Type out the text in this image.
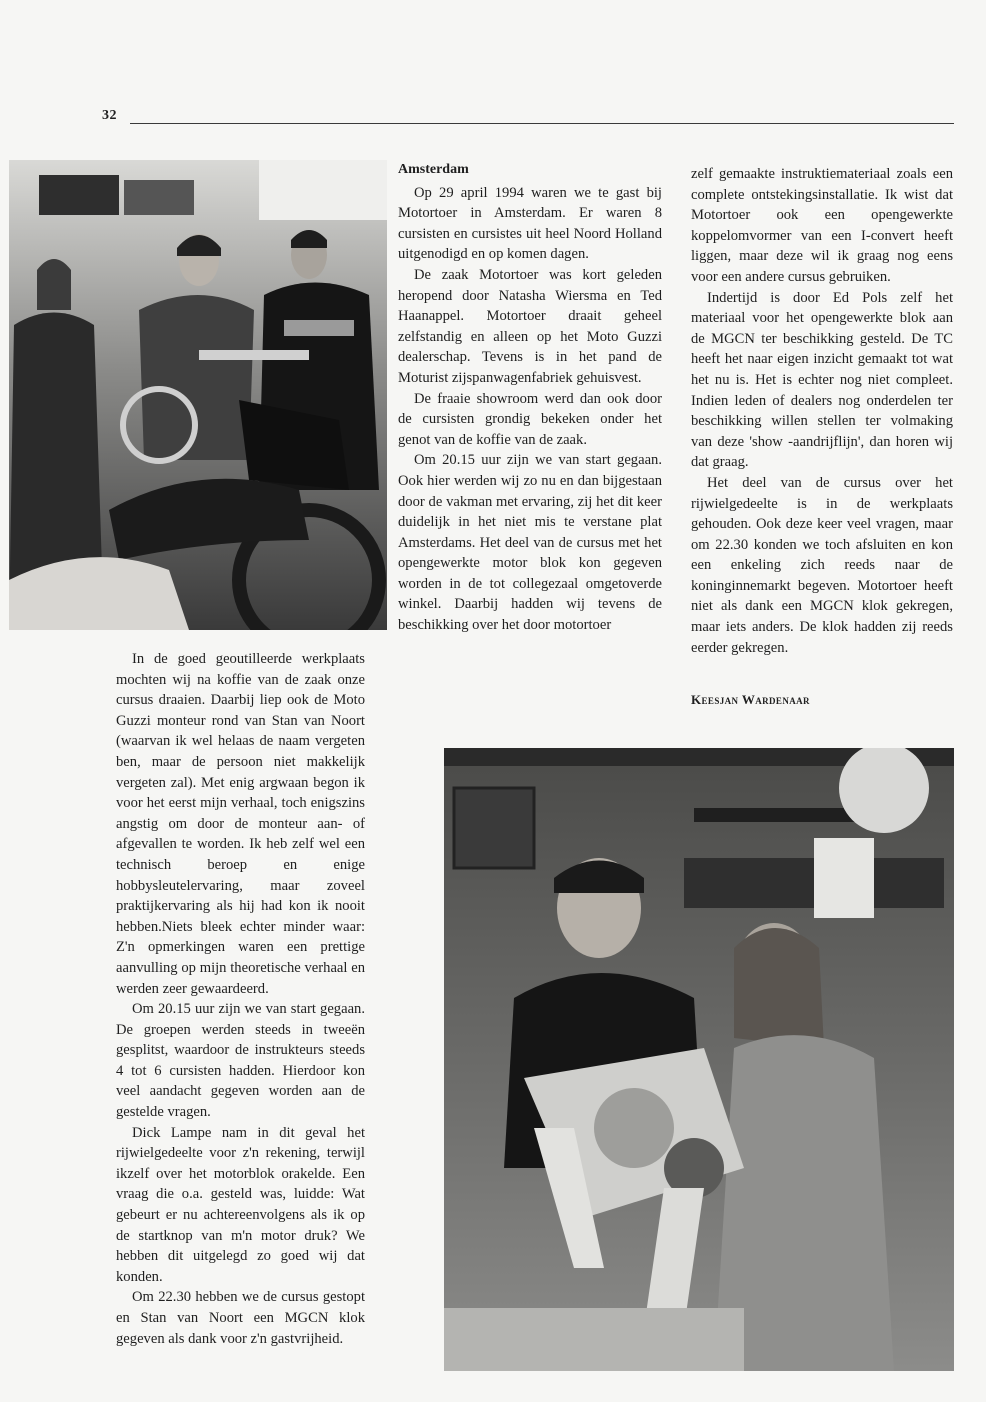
32

In de goed geoutilleerde werkplaats mochten wij na koffie van de zaak onze cursus draaien. Daarbij liep ook de Moto Guzzi monteur rond van Stan van Noort (waarvan ik wel helaas de naam vergeten ben, maar de persoon niet makkelijk vergeten zal). Met enig argwaan begon ik voor het eerst mijn verhaal, toch enigszins angstig om door de monteur aan- of afgevallen te worden. Ik heb zelf wel een technisch beroep en enige hobbysleutelervaring, maar zoveel praktijkervaring als hij had kon ik nooit hebben.Niets bleek echter minder waar: Z'n opmerkingen waren een prettige aanvulling op mijn theoretische verhaal en werden zeer gewaardeerd.

Om 20.15 uur zijn we van start gegaan. De groepen werden steeds in tweeën gesplitst, waardoor de instrukteurs steeds 4 tot 6 cursisten hadden. Hierdoor kon veel aandacht gegeven worden aan de gestelde vragen.

Dick Lampe nam in dit geval het rijwielgedeelte voor z'n rekening, terwijl ikzelf over het motorblok orakelde. Een vraag die o.a. gesteld was, luidde: Wat gebeurt er nu achtereenvolgens als ik op de startknop van m'n motor druk? We hebben dit uitgelegd zo goed wij dat konden.

Om 22.30 hebben we de cursus gestopt en Stan van Noort een MGCN klok gegeven als dank voor z'n gastvrijheid.

Amsterdam

Op 29 april 1994 waren we te gast bij Motortoer in Amsterdam. Er waren 8 cursisten en cursistes uit heel Noord Holland uitgenodigd en op komen dagen.

De zaak Motortoer was kort geleden heropend door Natasha Wiersma en Ted Haanappel. Motortoer draait geheel zelfstandig en alleen op het Moto Guzzi dealerschap. Tevens is in het pand de Moturist zijspanwagenfabriek gehuisvest.

De fraaie showroom werd dan ook door de cursisten grondig bekeken onder het genot van de koffie van de zaak.

Om 20.15 uur zijn we van start gegaan. Ook hier werden wij zo nu en dan bijgestaan door de vakman met ervaring, zij het dit keer duidelijk in het niet mis te verstane plat Amsterdams. Het deel van de cursus met het opengewerkte motor blok kon gegeven worden in de tot collegezaal omgetoverde winkel. Daarbij hadden wij tevens de beschikking over het door motortoer

zelf gemaakte instruktiemateriaal zoals een complete ontstekingsinstallatie. Ik wist dat Motortoer ook een opengewerkte koppelomvormer van een I-convert heeft liggen, maar deze wil ik graag nog eens voor een andere cursus gebruiken.

Indertijd is door Ed Pols zelf het materiaal voor het opengewerkte blok aan de MGCN ter beschikking gesteld. De TC heeft het naar eigen inzicht gemaakt tot wat het nu is. Het is echter nog niet compleet. Indien leden of dealers nog onderdelen ter beschikking willen stellen ter volmaking van deze 'show -aandrijflijn', dan horen wij dat graag.

Het deel van de cursus over het rijwielgedeelte is in de werkplaats gehouden. Ook deze keer veel vragen, maar om 22.30 konden we toch afsluiten en kon een enkeling zich reeds naar de koninginnemarkt begeven. Motortoer heeft niet als dank een MGCN klok gekregen, maar iets anders. De klok hadden zij reeds eerder gekregen.

Keesjan Wardenaar
